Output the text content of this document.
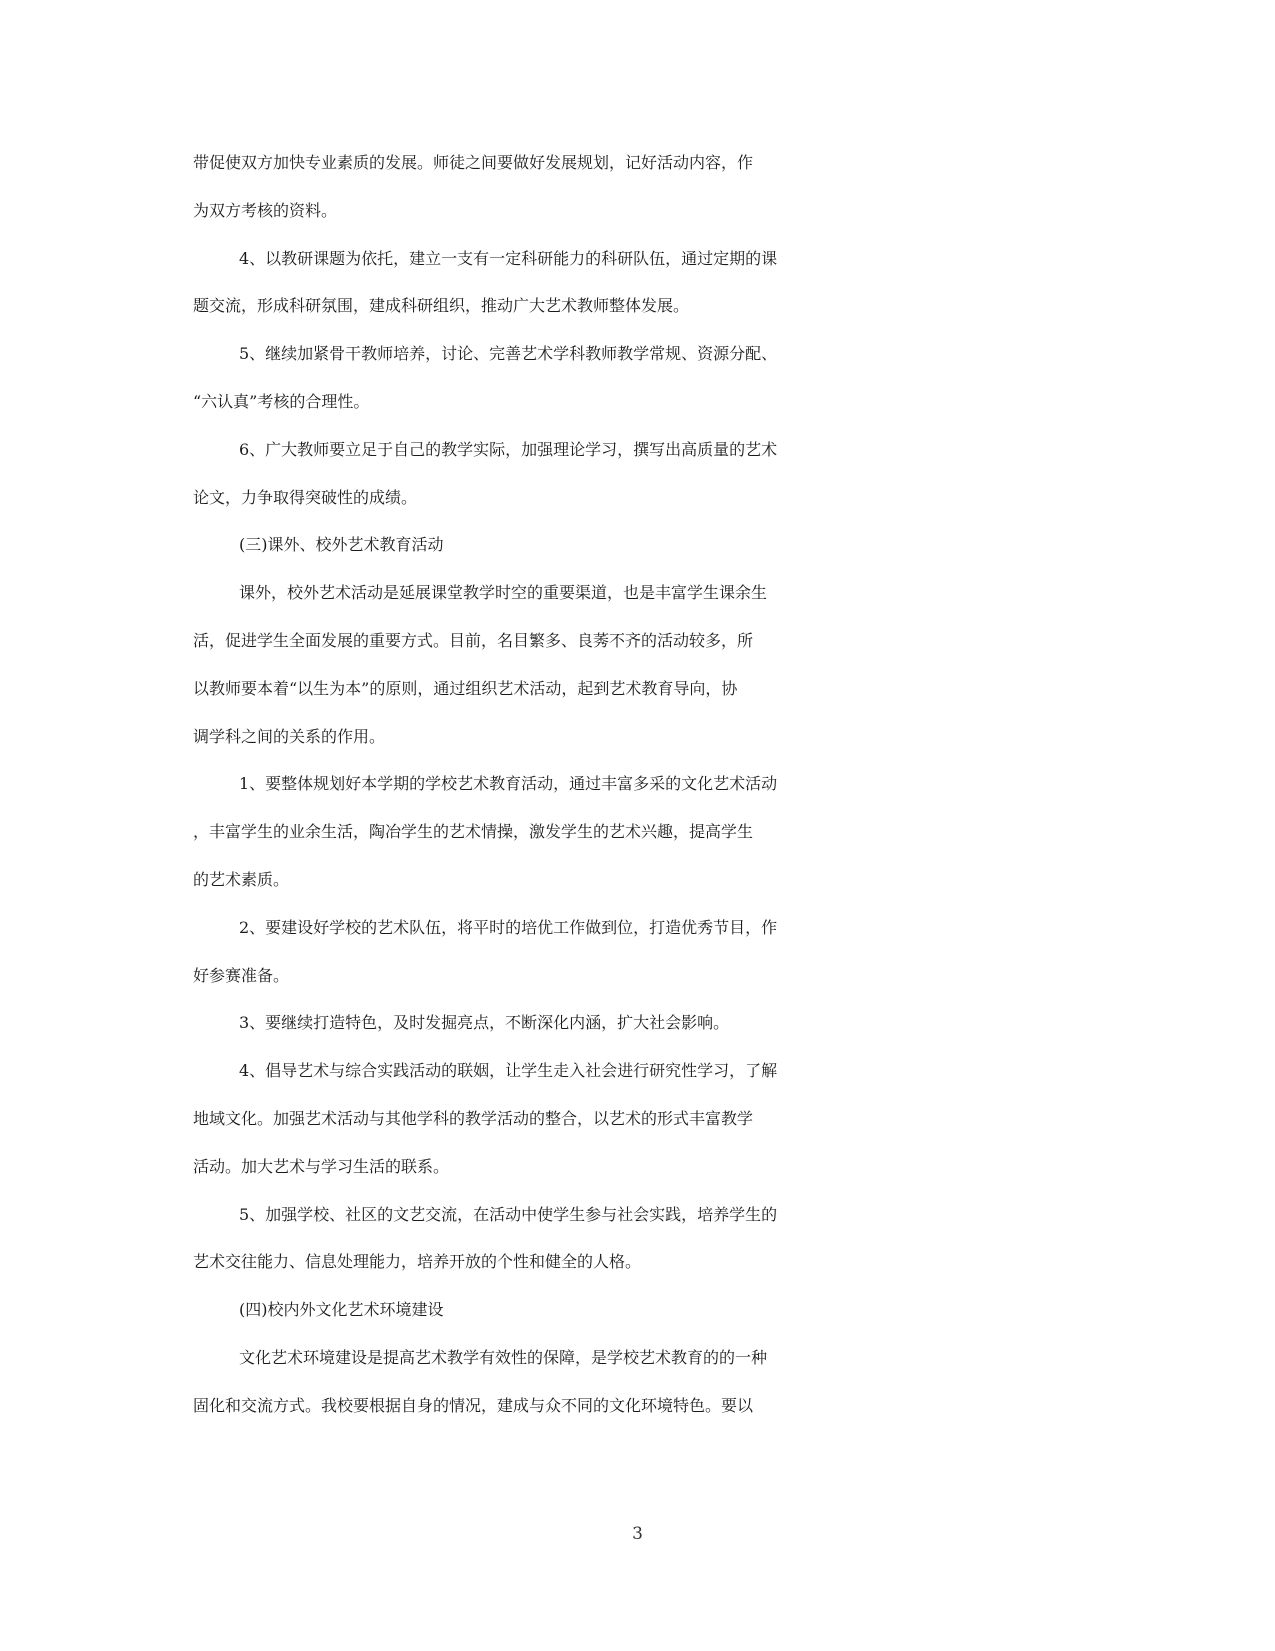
带促使双方加快专业素质的发展。师徒之间要做好发展规划，记好活动内容，作
为双方考核的资料。
4、以教研课题为依托，建立一支有一定科研能力的科研队伍，通过定期的课
题交流，形成科研氛围，建成科研组织，推动广大艺术教师整体发展。
5、继续加紧骨干教师培养，讨论、完善艺术学科教师教学常规、资源分配、
“六认真”考核的合理性。
6、广大教师要立足于自己的教学实际，加强理论学习，撰写出高质量的艺术
论文，力争取得突破性的成绩。
(三)课外、校外艺术教育活动
课外，校外艺术活动是延展课堂教学时空的重要渠道，也是丰富学生课余生
活，促进学生全面发展的重要方式。目前，名目繁多、良莠不齐的活动较多，所
以教师要本着“以生为本”的原则，通过组织艺术活动，起到艺术教育导向，协
调学科之间的关系的作用。
1、要整体规划好本学期的学校艺术教育活动，通过丰富多采的文化艺术活动
，丰富学生的业余生活，陶冶学生的艺术情操，激发学生的艺术兴趣，提高学生
的艺术素质。
2、要建设好学校的艺术队伍，将平时的培优工作做到位，打造优秀节目，作
好参赛准备。
3、要继续打造特色，及时发掘亮点，不断深化内涵，扩大社会影响。
4、倡导艺术与综合实践活动的联姻，让学生走入社会进行研究性学习，了解
地域文化。加强艺术活动与其他学科的教学活动的整合，以艺术的形式丰富教学
活动。加大艺术与学习生活的联系。
5、加强学校、社区的文艺交流，在活动中使学生参与社会实践，培养学生的
艺术交往能力、信息处理能力，培养开放的个性和健全的人格。
(四)校内外文化艺术环境建设
文化艺术环境建设是提高艺术教学有效性的保障，是学校艺术教育的的一种
固化和交流方式。我校要根据自身的情况，建成与众不同的文化环境特色。要以
3
